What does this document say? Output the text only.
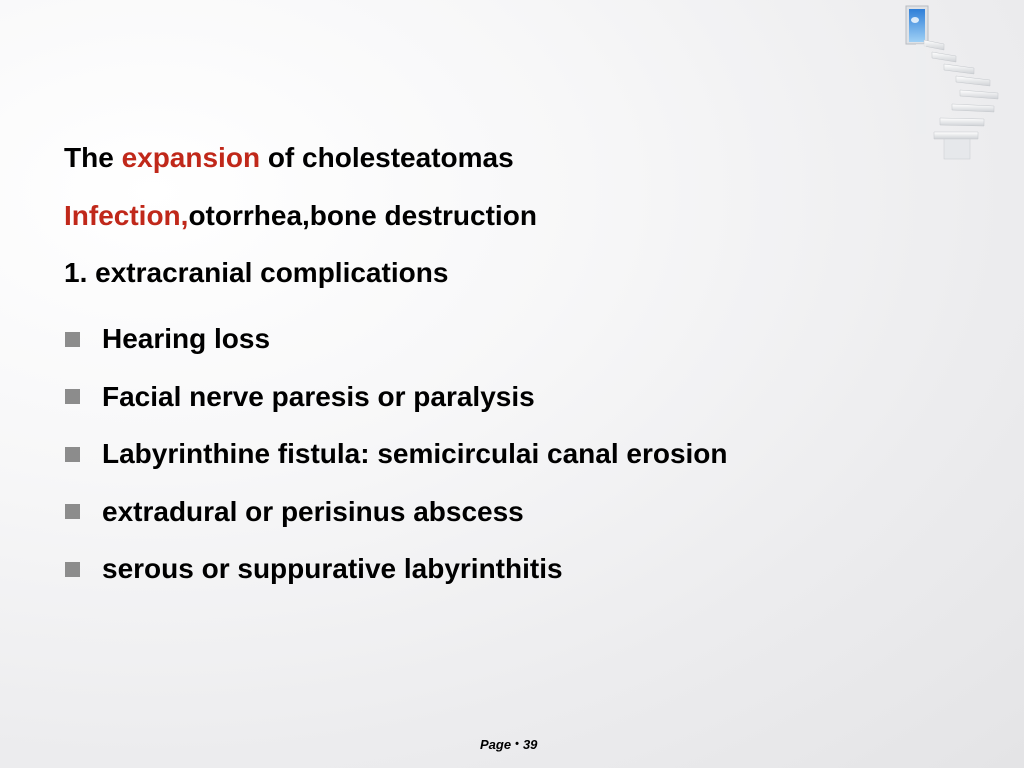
The expansion of cholesteatomas
Infection,otorrhea,bone destruction
1. extracranial complications
Hearing loss
Facial nerve paresis or paralysis
Labyrinthine fistula: semicirculai canal erosion
extradural or perisinus abscess
serous or suppurative labyrinthitis
Page • 39
